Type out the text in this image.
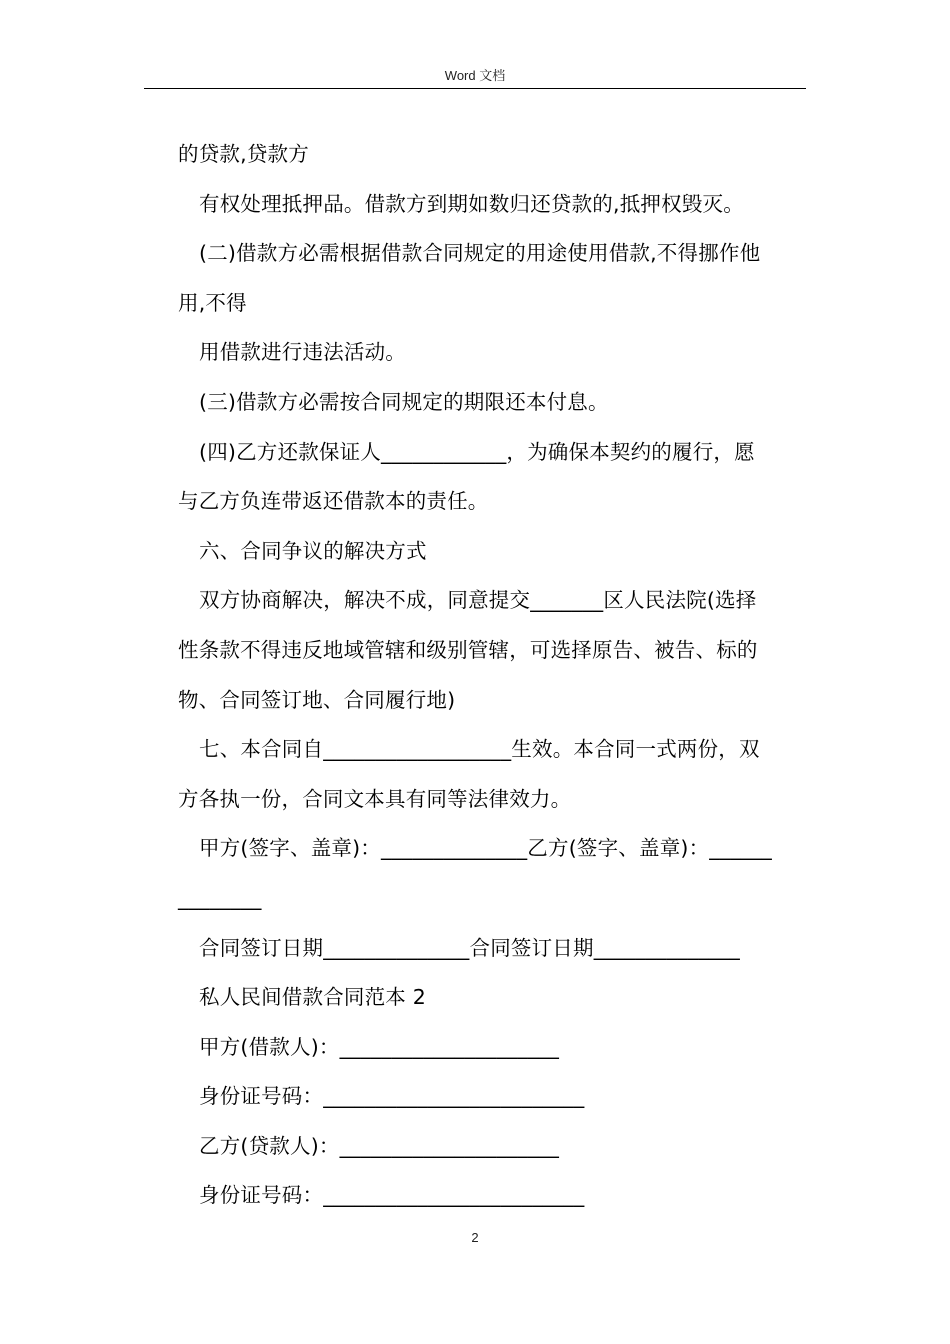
Word 文档

的贷款,贷款方

有权处理抵押品。借款方到期如数归还贷款的,抵押权毁灭。

(二)借款方必需根据借款合同规定的用途使用借款,不得挪作他

用,不得

用借款进行违法活动。

(三)借款方必需按合同规定的期限还本付息。

(四)乙方还款保证人____________，为确保本契约的履行，愿

与乙方负连带返还借款本的责任。

六、合同争议的解决方式

双方协商解决，解决不成，同意提交_______区人民法院(选择

性条款不得违反地域管辖和级别管辖，可选择原告、被告、标的

物、合同签订地、合同履行地)

七、本合同自__________________生效。本合同一式两份，双

方各执一份，合同文本具有同等法律效力。

甲方(签字、盖章)：______________乙方(签字、盖章)：______

________

合同签订日期______________合同签订日期______________

私人民间借款合同范本 2

甲方(借款人)：_____________________

身份证号码：_________________________

乙方(贷款人)：_____________________

身份证号码：_________________________

2
